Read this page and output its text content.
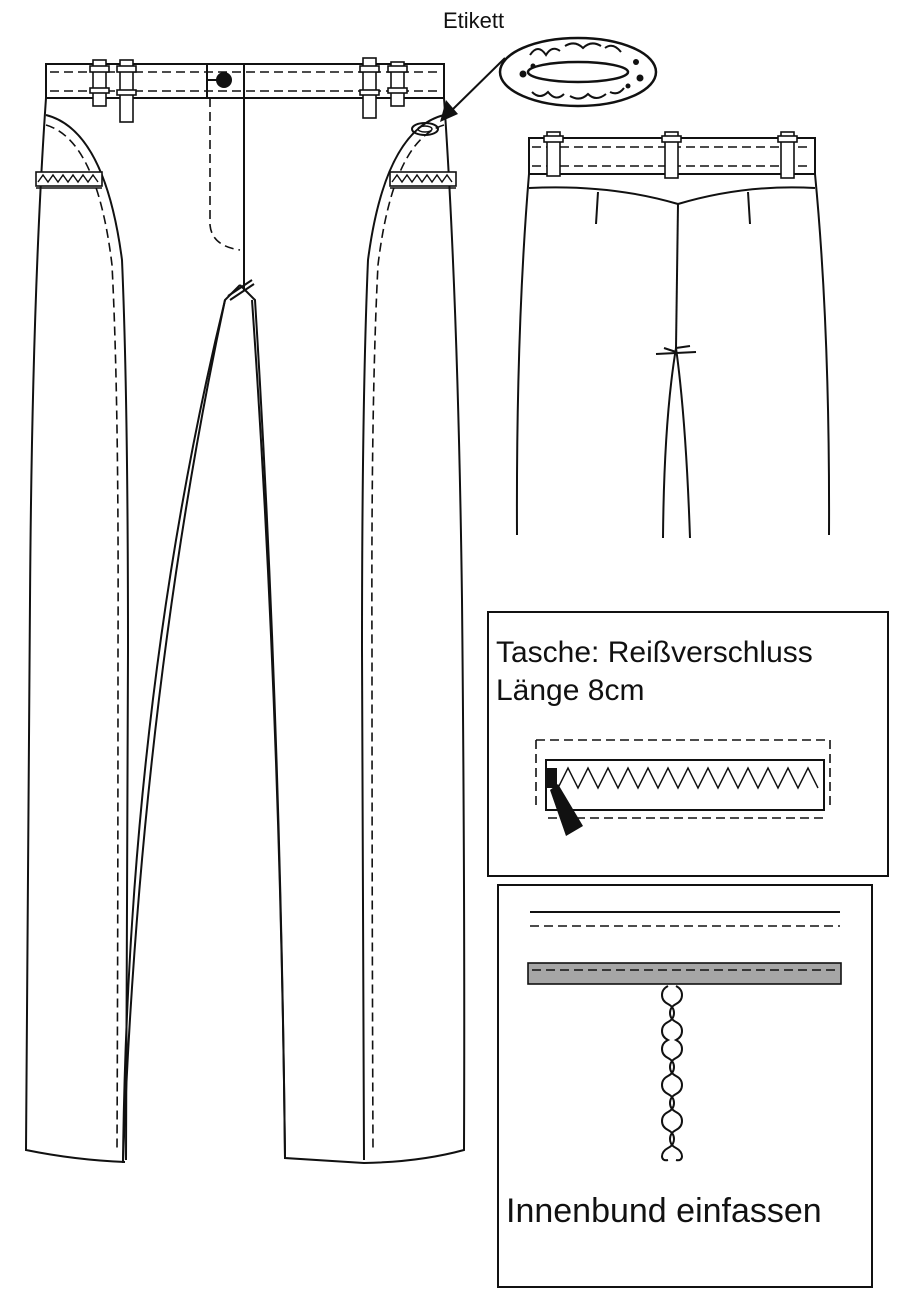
Etikett
Tasche: Reißverschluss
Länge 8cm
Innenbund einfassen
